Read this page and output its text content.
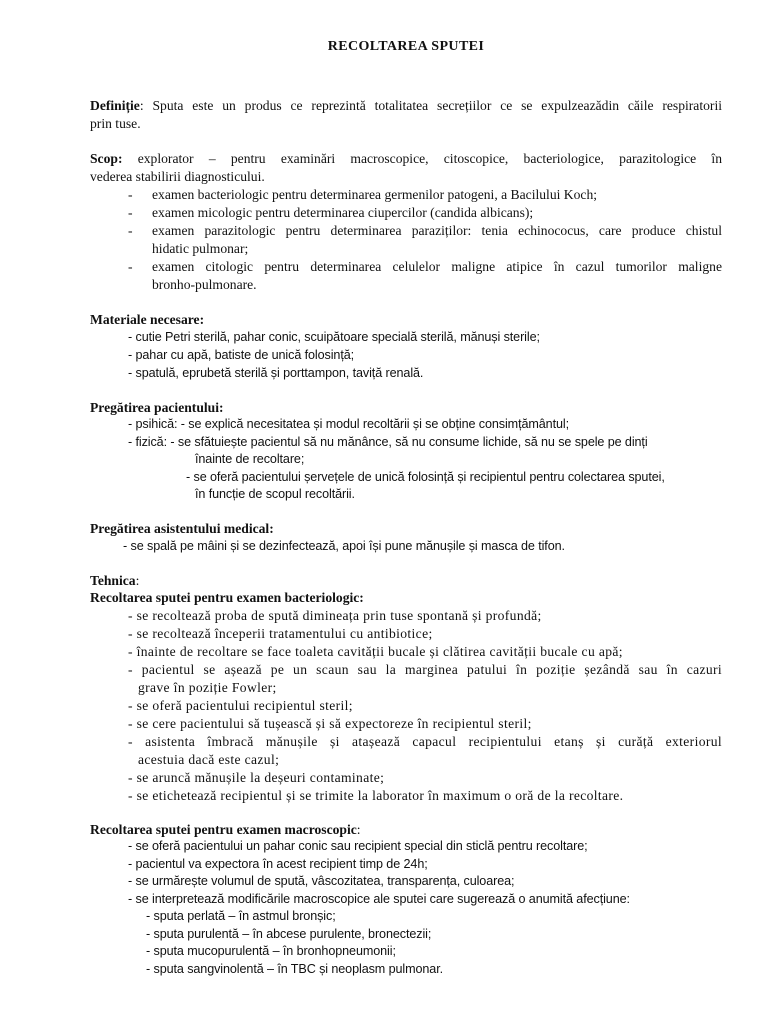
RECOLTAREA SPUTEI
Definiție: Sputa este un produs ce reprezintă totalitatea secrețiilor ce se expulzeazădin căile respiratorii
prin tuse.
Scop: explorator – pentru examinări macroscopice, citoscopice, bacteriologice, parazitologice în
vederea stabilirii diagnosticului.
- examen bacteriologic pentru determinarea germenilor patogeni, a Bacilului Koch;
- examen micologic pentru determinarea ciupercilor (candida albicans);
- examen parazitologic pentru determinarea paraziților: tenia echinococus, care produce chistul
hidatic pulmonar;
- examen citologic pentru determinarea celulelor maligne atipice în cazul tumorilor maligne
bronho-pulmonare.
Materiale necesare:
- cutie Petri sterilă, pahar conic, scuipătoare specială sterilă, mănuși sterile;
- pahar cu apă, batiste de unică folosință;
- spatulă, eprubetă sterilă și porttampon, taviță renală.
Pregătirea pacientului:
- psihică: - se explică necesitatea și modul recoltării și se obține consimțământul;
- fizică: - se sfătuiește pacientul să nu mănânce, să nu consume lichide, să nu se spele pe dinți
înainte de recoltare;
- se oferă pacientului șervețele de unică folosință și recipientul pentru colectarea sputei,
în funcție de scopul recoltării.
Pregătirea asistentului medical:
- se spală pe mâini și se dezinfectează, apoi își pune mănușile și masca de tifon.
Tehnica:
Recoltarea sputei pentru examen bacteriologic:
- se recoltează proba de spută dimineața prin tuse spontană și profundă;
- se recoltează începerii tratamentului cu antibiotice;
- înainte de recoltare se face toaleta cavității bucale și clătirea cavității bucale cu apă;
- pacientul se așează pe un scaun sau la marginea patului în poziție șezândă sau în cazuri
grave în poziție Fowler;
- se oferă pacientului recipientul steril;
- se cere pacientului să tușească și să expectoreze în recipientul steril;
- asistenta îmbracă mănușile și atașează capacul recipientului etanș și curăță exteriorul
acestuia dacă este cazul;
- se aruncă mănușile la deșeuri contaminate;
- se etichetează recipientul și se trimite la laborator în maximum o oră de la recoltare.
Recoltarea sputei pentru examen macroscopic:
- se oferă pacientului un pahar conic sau recipient special din sticlă pentru recoltare;
- pacientul va expectora în acest recipient timp de 24h;
- se urmărește volumul de spută, vâscozitatea, transparența, culoarea;
- se interpretează modificările macroscopice ale sputei care sugerează o anumită afecțiune:
- sputa perlată – în astmul bronșic;
- sputa purulentă – în abcese purulente, bronectezii;
- sputa mucopurulentă – în bronhopneumonii;
- sputa sangvinolentă – în TBC și neoplasm pulmonar.
